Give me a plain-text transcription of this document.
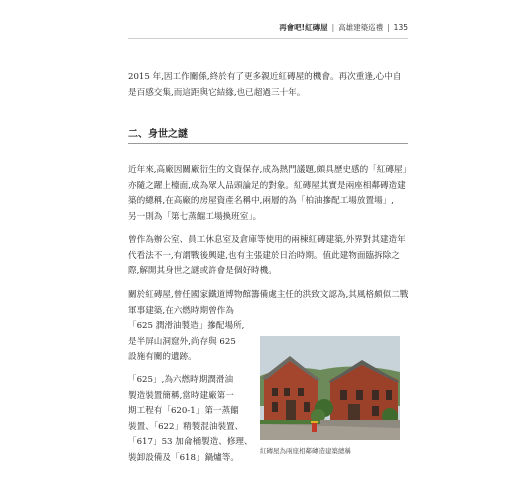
再會吧!紅磚屋 | 高雄建築巡禮 | 135
2015 年,因工作關係,終於有了更多親近紅磚屋的機會。再次重逢,心中自
是百感交集,而這距與它結緣,也已超過三十年。
二、身世之謎
近年來,高廠因關廠衍生的文資保存,成為熱門議題,頗具歷史感的「紅磚屋」
亦隨之躍上檯面,成為眾人品頭論足的對象。紅磚屋其實是兩座相鄰磚造建
築的總稱,在高廠的房屋資產名稱中,兩層的為「柏油摻配工場放置場」,
另一則為「第七蒸餾工場換班室」。
曾作為辦公室、員工休息室及倉庫等使用的兩棟紅磚建築,外界對其建造年
代看法不一,有謂戰後興建,也有主張建於日治時期。值此建物面臨拆除之
際,解開其身世之謎或許會是個好時機。
關於紅磚屋,曾任國家鐵道博物館籌備處主任的洪致文認為,其風格頗似二戰
軍事建築,在六燃時期曾作為
「625 潤滑油製造」摻配場所,
是半屏山洞窟外,尚存與 625
設施有關的遺跡。
「625」,為六燃時期潤滑油
製造裝置簡稱,當時建廠第一
期工程有「620-1」第一蒸餾
裝置、「622」精製混油裝置、
「617」53 加侖桶製造、修理、
裝卸設備及「618」鍋爐等。
紅磚屋為兩座相鄰磚造建築總稱
